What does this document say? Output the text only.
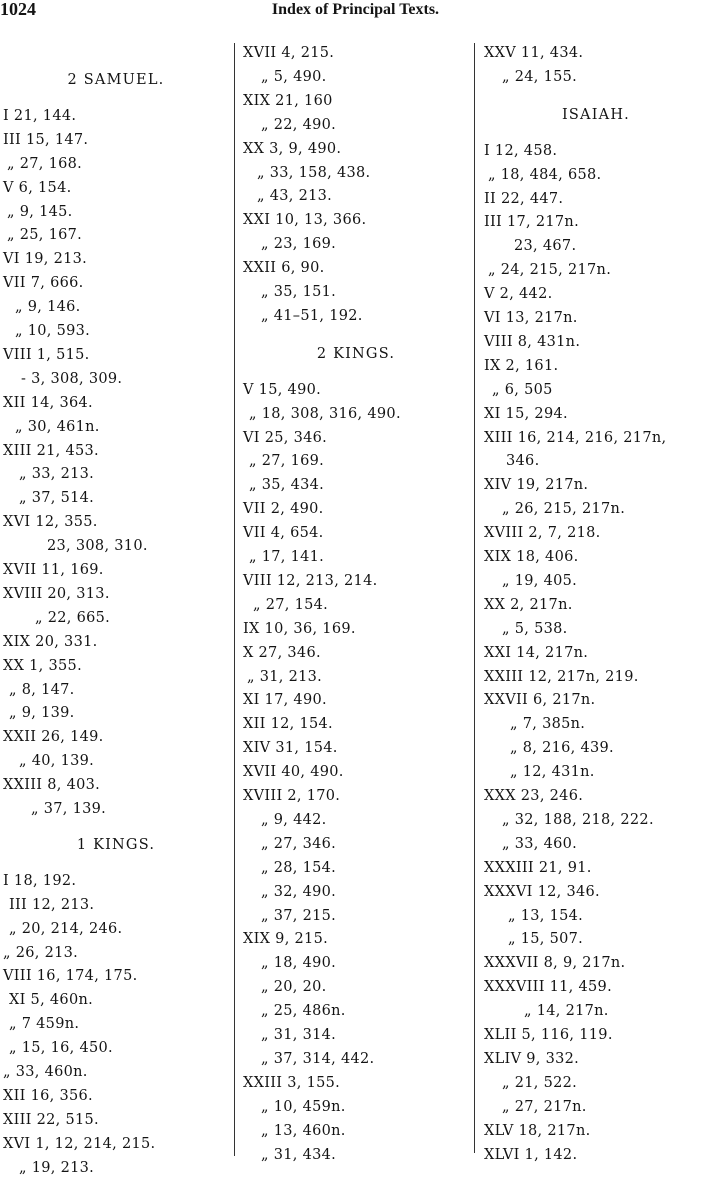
1024	Index of Principal Texts.
2 SAMUEL.
I 21, 144.
III 15, 147.
„ 27, 168.
V 6, 154.
„ 9, 145.
„ 25, 167.
VI 19, 213.
VII 7, 666.
„ 9, 146.
„ 10, 593.
VIII 1, 515.
- 3, 308, 309.
XII 14, 364.
„ 30, 461n.
XIII 21, 453.
„ 33, 213.
„ 37, 514.
XVI 12, 355.
23, 308, 310.
XVII 11, 169.
XVIII 20, 313.
„ 22, 665.
XIX 20, 331.
XX 1, 355.
„ 8, 147.
„ 9, 139.
XXII 26, 149.
„ 40, 139.
XXIII 8, 403.
„ 37, 139.
1 KINGS.
I 18, 192.
III 12, 213.
„ 20, 214, 246.
„ 26, 213.
VIII 16, 174, 175.
XI 5, 460n.
„ 7 459n.
„ 15, 16, 450.
„ 33, 460n.
XII 16, 356.
XIII 22, 515.
XVI 1, 12, 214, 215.
„ 19, 213.
XVII 4, 215.
„ 5, 490.
XIX 21, 160
„ 22, 490.
XX 3, 9, 490.
„ 33, 158, 438.
„ 43, 213.
XXI 10, 13, 366.
„ 23, 169.
XXII 6, 90.
„ 35, 151.
„ 41–51, 192.
2 KINGS.
V 15, 490.
„ 18, 308, 316, 490.
VI 25, 346.
„ 27, 169.
„ 35, 434.
VII 2, 490.
VII 4, 654.
„ 17, 141.
VIII 12, 213, 214.
„ 27, 154.
IX 10, 36, 169.
X 27, 346.
„ 31, 213.
XI 17, 490.
XII 12, 154.
XIV 31, 154.
XVII 40, 490.
XVIII 2, 170.
„ 9, 442.
„ 27, 346.
„ 28, 154.
„ 32, 490.
„ 37, 215.
XIX 9, 215.
„ 18, 490.
„ 20, 20.
„ 25, 486n.
„ 31, 314.
„ 37, 314, 442.
XXIII 3, 155.
„ 10, 459n.
„ 13, 460n.
„ 31, 434.
XXV 11, 434.
„ 24, 155.
ISAIAH.
I 12, 458.
„ 18, 484, 658.
II 22, 447.
III 17, 217n.
23, 467.
„ 24, 215, 217n.
V 2, 442.
VI 13, 217n.
VIII 8, 431n.
IX 2, 161.
„ 6, 505
XI 15, 294.
XIII 16, 214, 216, 217n,
346.
XIV 19, 217n.
„ 26, 215, 217n.
XVIII 2, 7, 218.
XIX 18, 406.
„ 19, 405.
XX 2, 217n.
„ 5, 538.
XXI 14, 217n.
XXIII 12, 217n, 219.
XXVII 6, 217n.
„ 7, 385n.
„ 8, 216, 439.
„ 12, 431n.
XXX 23, 246.
„ 32, 188, 218, 222.
„ 33, 460.
XXXIII 21, 91.
XXXVI 12, 346.
„ 13, 154.
„ 15, 507.
XXXVII 8, 9, 217n.
XXXVIII 11, 459.
„ 14, 217n.
XLII 5, 116, 119.
XLIV 9, 332.
„ 21, 522.
„ 27, 217n.
XLV 18, 217n.
XLVI 1, 142.
